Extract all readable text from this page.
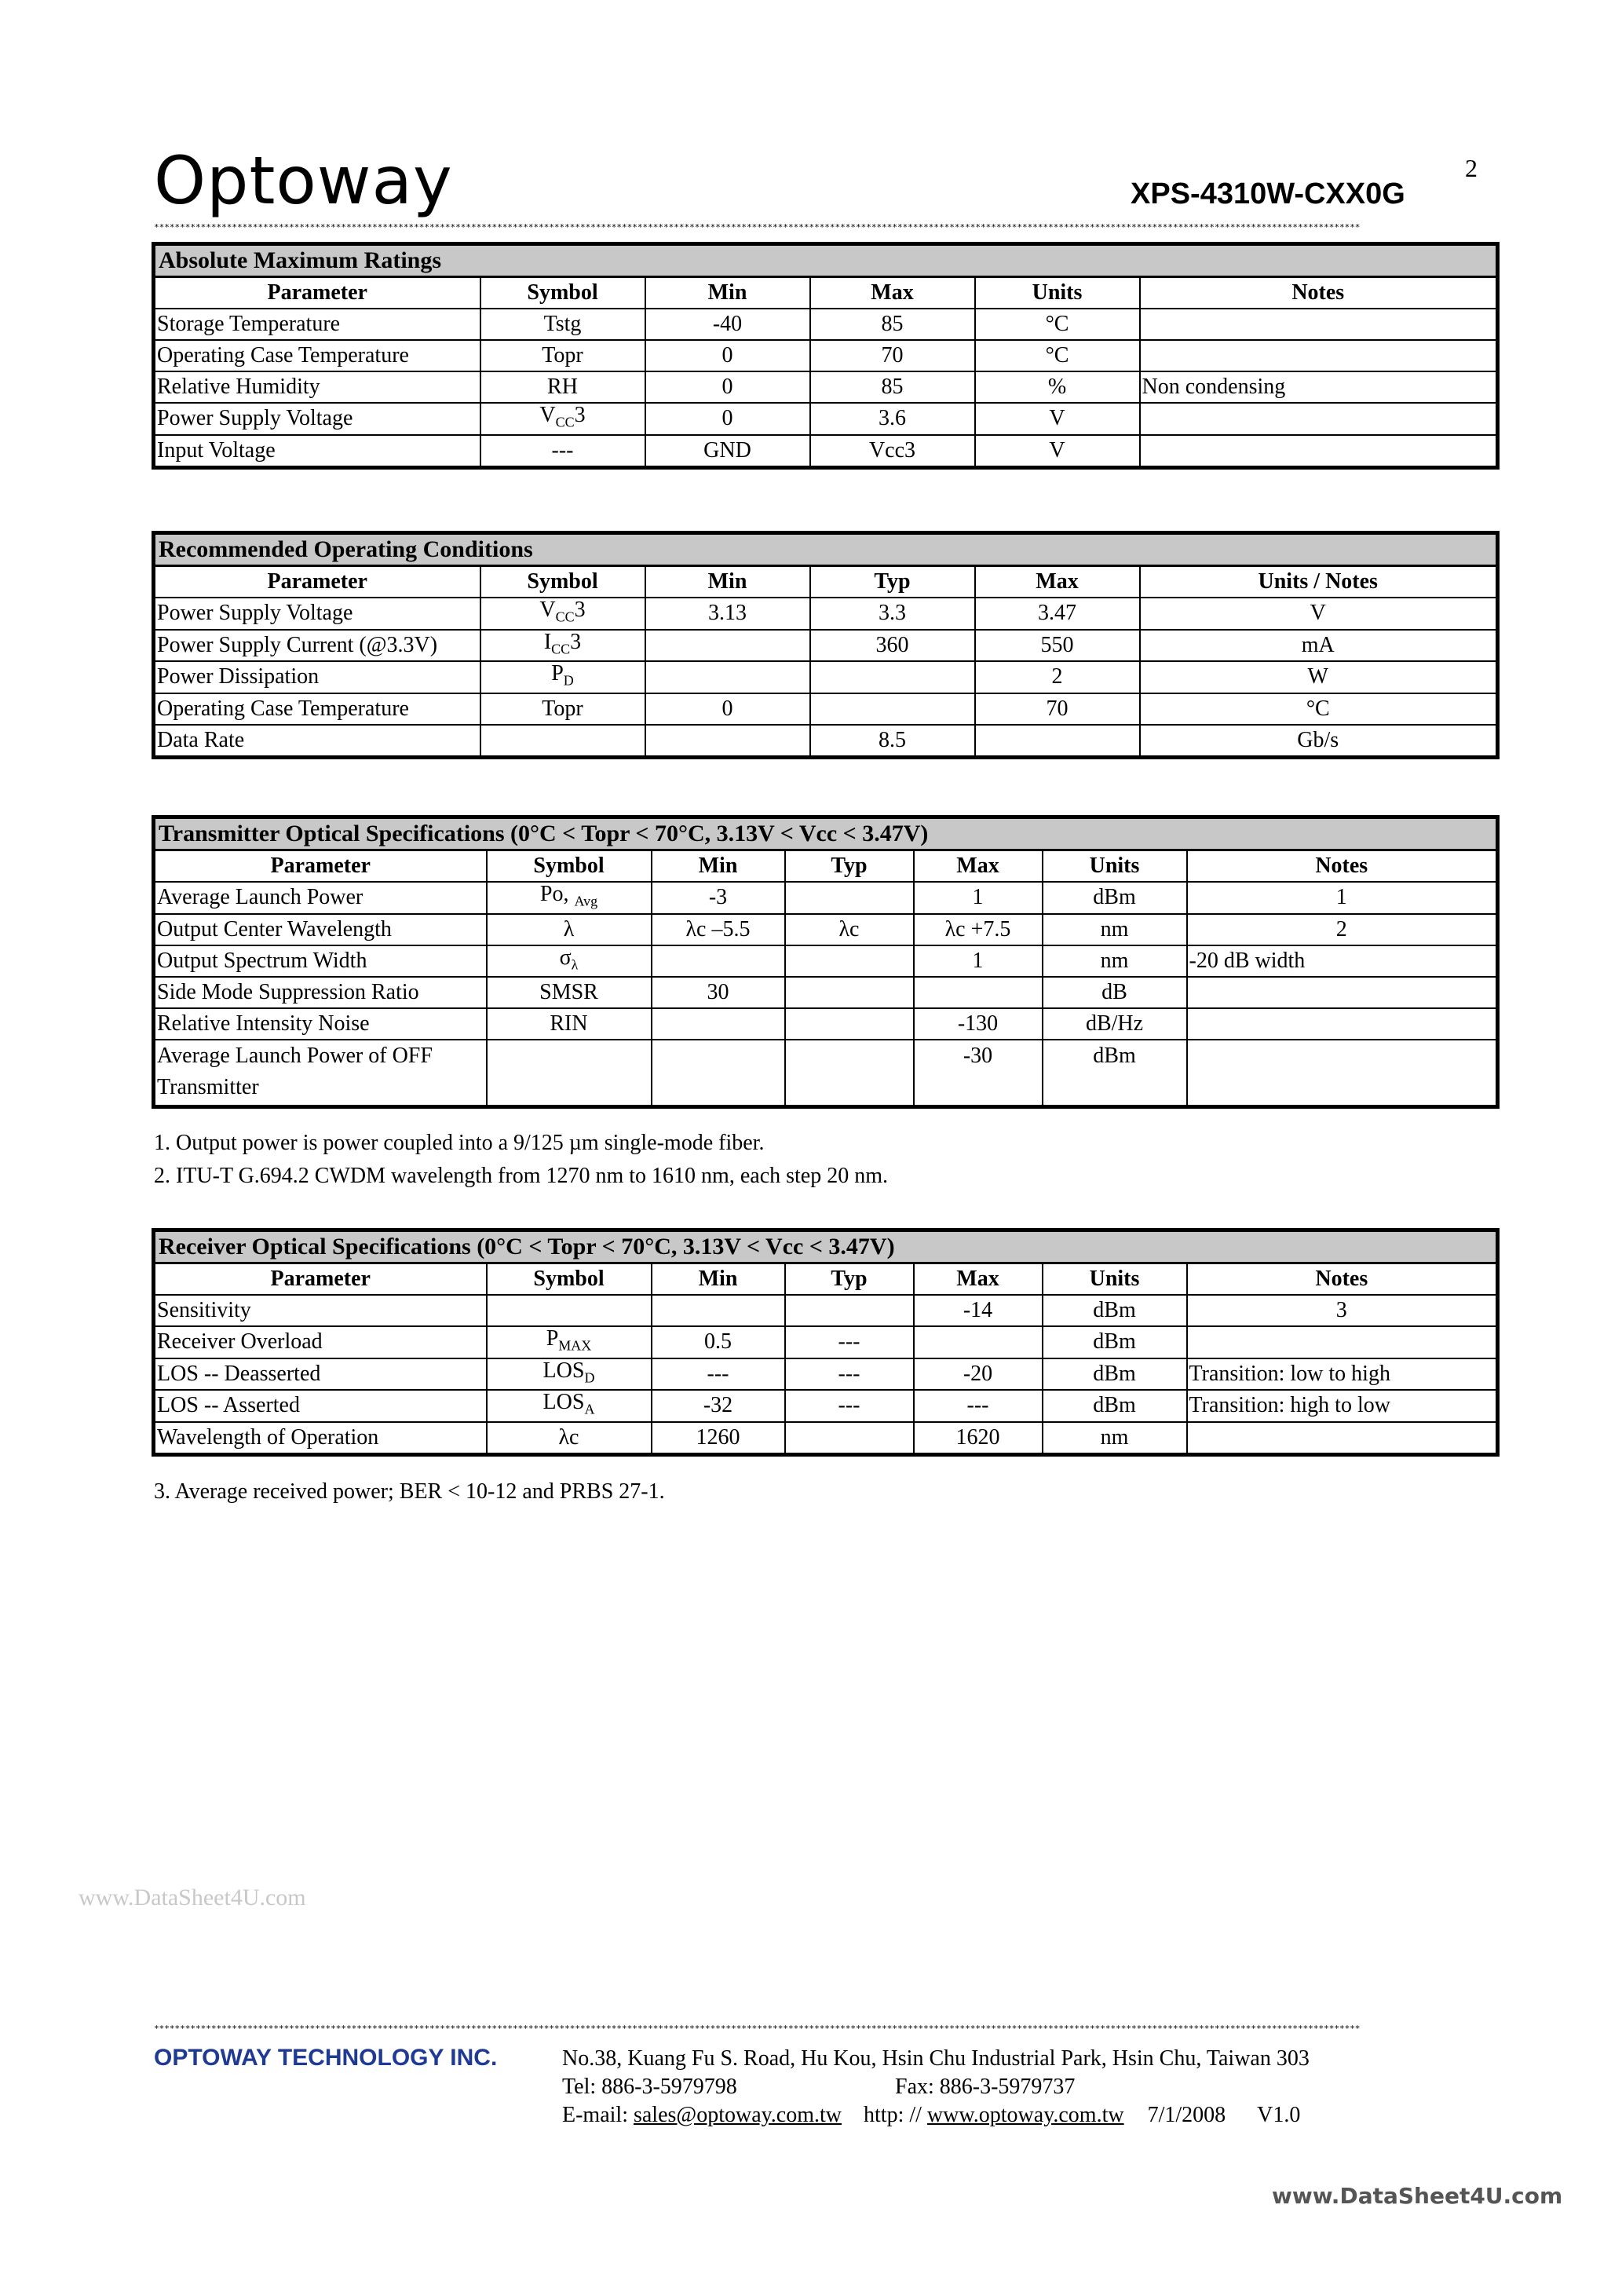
Optoway	XPS-4310W-CXX0G
2
****************************************************************************************************************************************************************************************************************************************
Absolute Maximum Ratings					
Parameter	Symbol	Min	Max	Units	Notes
Storage Temperature	Tstg	-40	85	°C	
Operating Case Temperature	Topr	0	70	°C	
Relative Humidity	RH	0	85	%	Non condensing
Power Supply Voltage	$V_{CC}3$	0	3.6	V	
Input Voltage	---	GND	Vcc3	V	
Recommended Operating Conditions					
Parameter	Symbol	Min	Typ	Max	Units / Notes
Power Supply Voltage	$V_{CC}3$	3.13	3.3	3.47	V
Power Supply Current (@3.3V)	$I_{CC}3$		360	550	mA
Power Dissipation	$P_D$			2	W
Operating Case Temperature	Topr	0		70	°C
Data Rate			8.5		Gb/s
Transmitter Optical Specifications (0°C < Topr < 70°C, 3.13V < Vcc < 3.47V)						
Parameter	Symbol	Min	Typ	Max	Units	Notes
Average Launch Power	Po, $_{Avg}$	-3		1	dBm	1
Output Center Wavelength	λ	λc –5.5	λc	λc +7.5	nm	2
Output Spectrum Width	$\sigma_\lambda$			1	nm	-20 dB width
Side Mode Suppression Ratio	SMSR	30			dB	
Relative Intensity Noise	RIN			-130	dB/Hz	
Average Launch Power of OFF Transmitter				-30	dBm	
1. Output power is power coupled into a 9/125 µm single-mode fiber.
2. ITU-T G.694.2 CWDM wavelength from 1270 nm to 1610 nm, each step 20 nm.
Receiver Optical Specifications (0°C < Topr < 70°C, 3.13V < Vcc < 3.47V)						
Parameter	Symbol	Min	Typ	Max	Units	Notes
Sensitivity				-14	dBm	3
Receiver Overload	$P_{MAX}$	0.5	---		dBm	
LOS -- Deasserted	$LOS_D$	---	---	-20	dBm	Transition: low to high
LOS -- Asserted	$LOS_A$	-32	---	---	dBm	Transition: high to low
Wavelength of Operation	λc	1260		1620	nm	
3. Average received power; BER < 10-12 and PRBS 27-1.
www.DataSheet4U.com
****************************************************************************************************************************************************************************************************************************************
OPTOWAY TECHNOLOGY INC.	No.38, Kuang Fu S. Road, Hu Kou, Hsin Chu Industrial Park, Hsin Chu, Taiwan 303
Tel: 886-3-5979798	Fax: 886-3-5979737
E-mail: sales@optoway.com.tw http: // www.optoway.com.tw 7/1/2008 V1.0
www.DataSheet4U.com
